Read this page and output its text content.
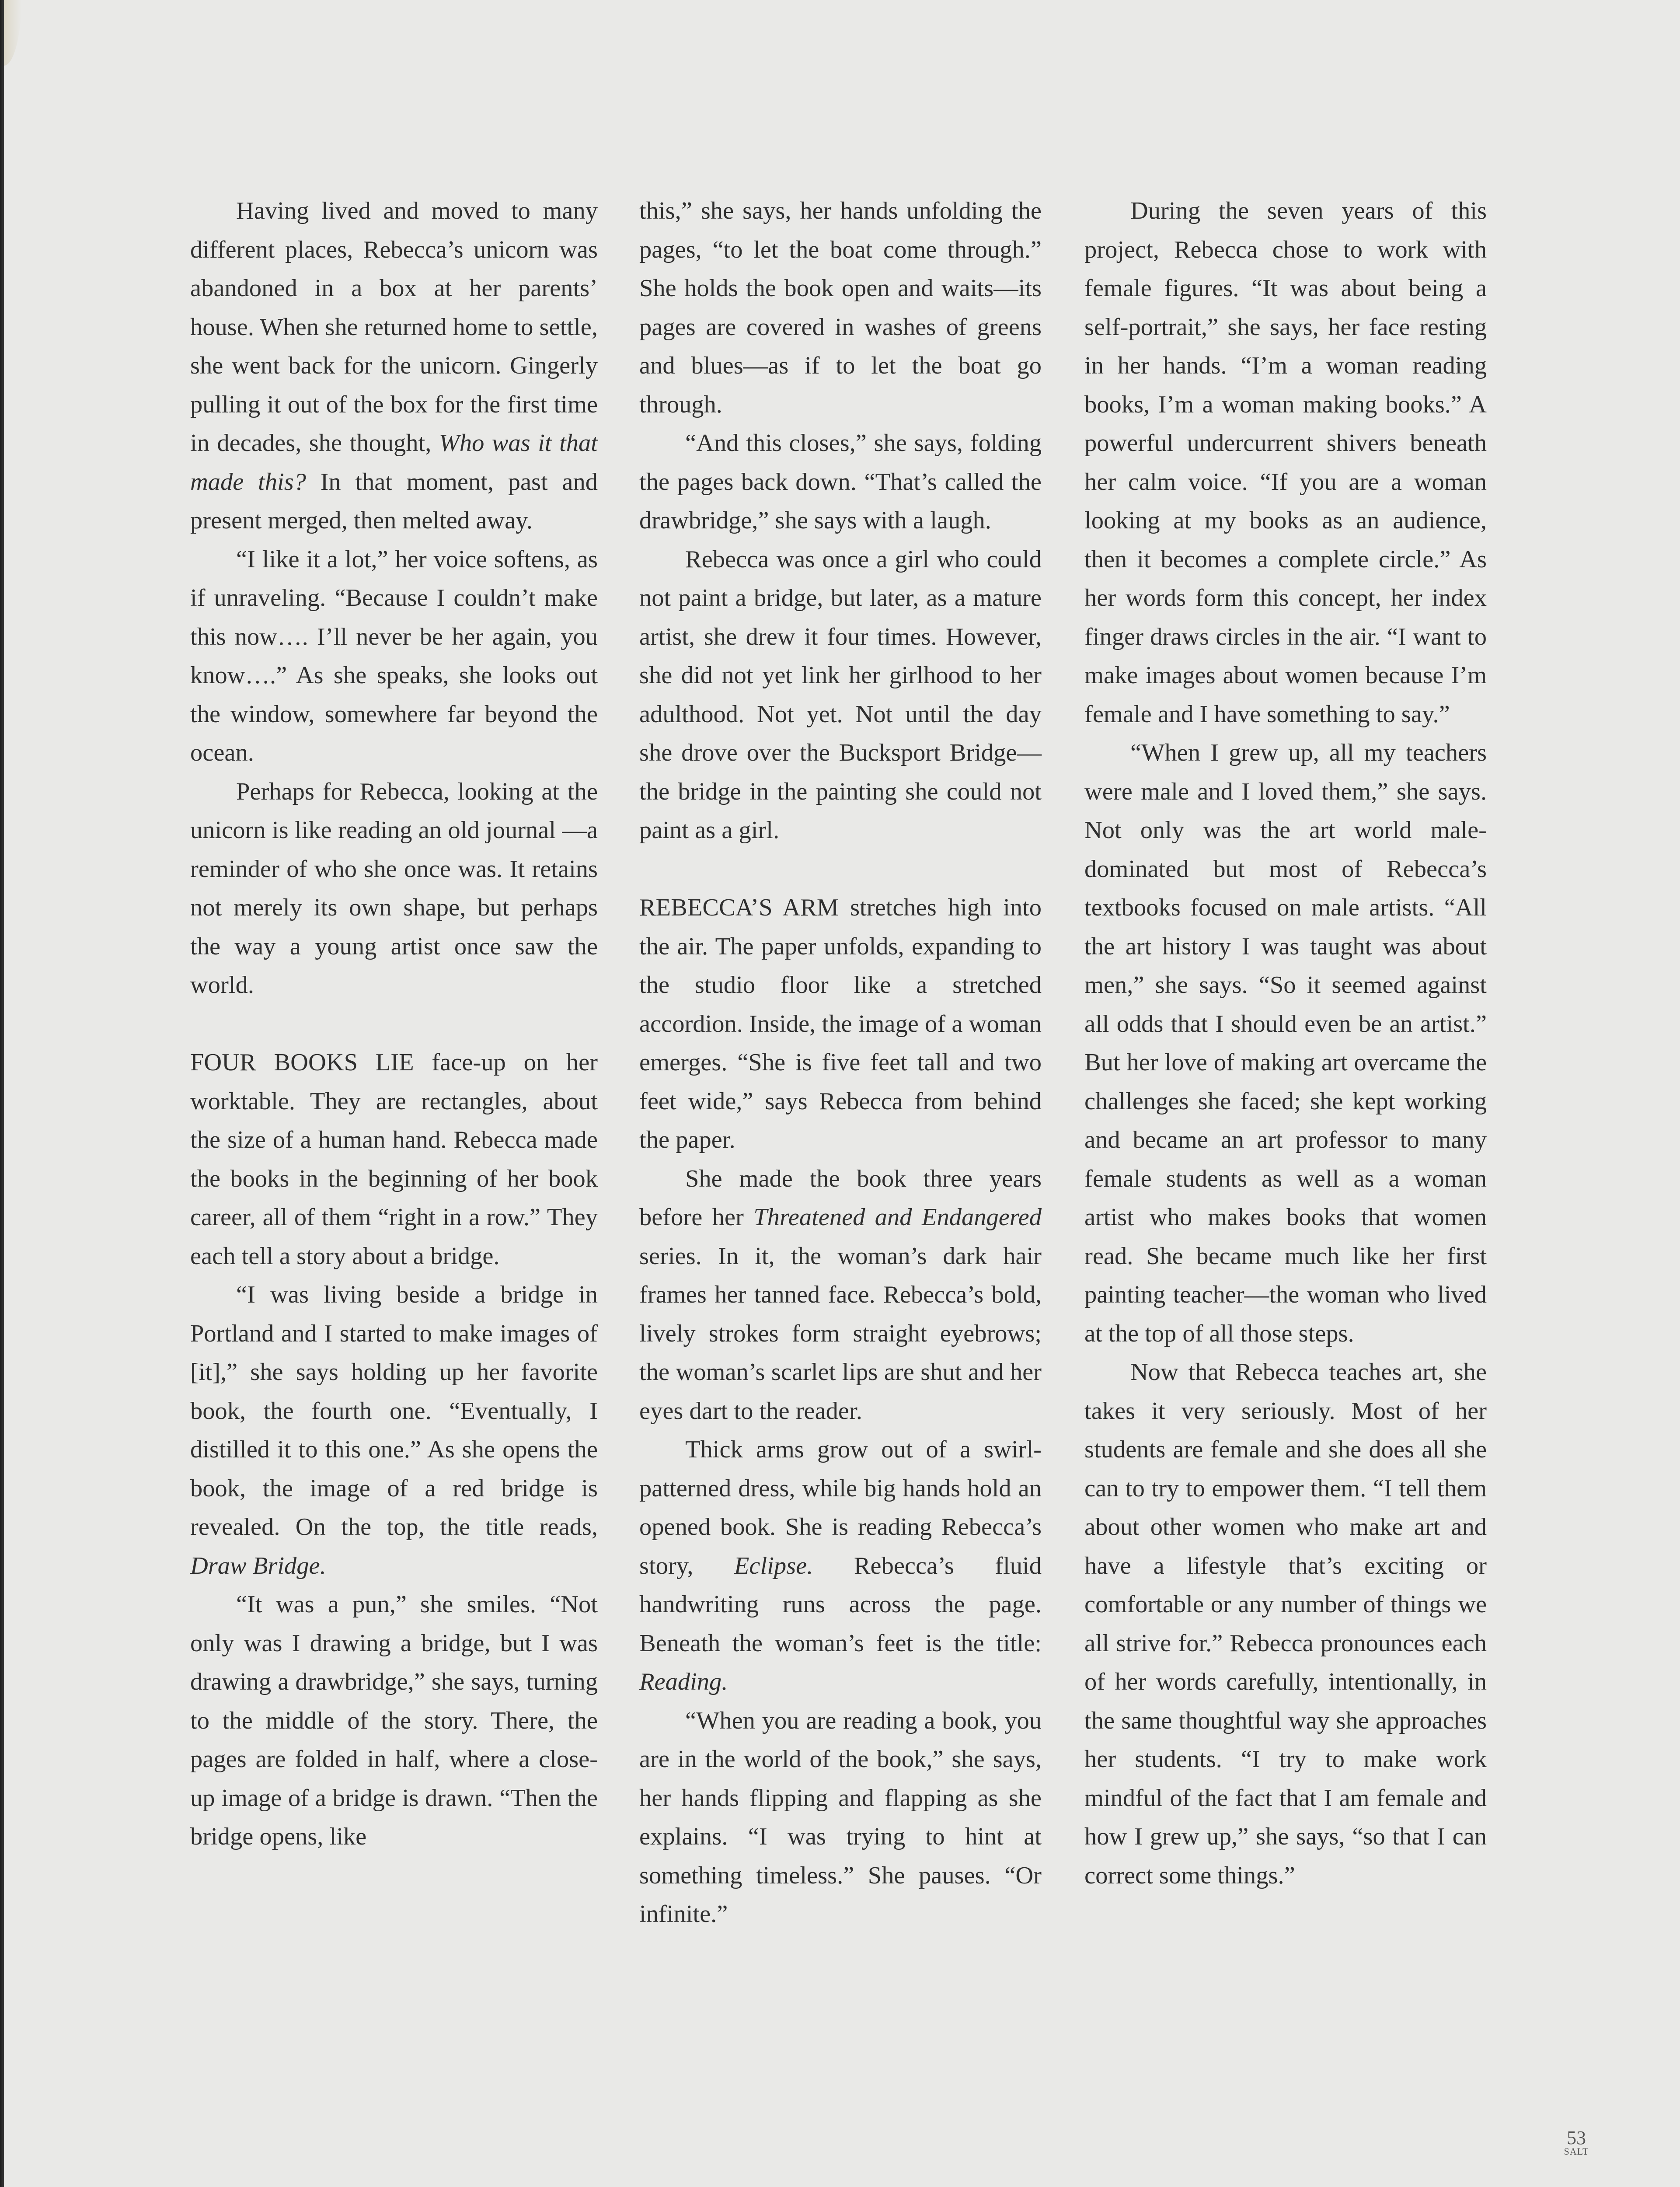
Having lived and moved to many different places, Rebecca’s unicorn was abandoned in a box at her parents’ house. When she returned home to settle, she went back for the unicorn. Gingerly pulling it out of the box for the first time in decades, she thought, Who was it that made this? In that moment, past and present merged, then melted away.

“I like it a lot,” her voice softens, as if unraveling. “Because I couldn’t make this now…. I’ll never be her again, you know….” As she speaks, she looks out the window, somewhere far beyond the ocean.

Perhaps for Rebecca, looking at the unicorn is like reading an old journal —a reminder of who she once was. It retains not merely its own shape, but perhaps the way a young artist once saw the world.

FOUR BOOKS LIE face-up on her worktable. They are rectangles, about the size of a human hand. Rebecca made the books in the beginning of her book career, all of them “right in a row.” They each tell a story about a bridge.

“I was living beside a bridge in Portland and I started to make images of [it],” she says holding up her favorite book, the fourth one. “Eventually, I distilled it to this one.” As she opens the book, the image of a red bridge is revealed. On the top, the title reads, Draw Bridge.

“It was a pun,” she smiles. “Not only was I drawing a bridge, but I was drawing a drawbridge,” she says, turning to the middle of the story. There, the pages are folded in half, where a close-up image of a bridge is drawn. “Then the bridge opens, like

this,” she says, her hands unfolding the pages, “to let the boat come through.” She holds the book open and waits—its pages are covered in washes of greens and blues—as if to let the boat go through.

“And this closes,” she says, folding the pages back down. “That’s called the drawbridge,” she says with a laugh.

Rebecca was once a girl who could not paint a bridge, but later, as a mature artist, she drew it four times. However, she did not yet link her girlhood to her adulthood. Not yet. Not until the day she drove over the Bucksport Bridge—the bridge in the painting she could not paint as a girl.

REBECCA’S ARM stretches high into the air. The paper unfolds, expanding to the studio floor like a stretched accordion. Inside, the image of a woman emerges. “She is five feet tall and two feet wide,” says Rebecca from behind the paper.

She made the book three years before her Threatened and Endangered series. In it, the woman’s dark hair frames her tanned face. Rebecca’s bold, lively strokes form straight eyebrows; the woman’s scarlet lips are shut and her eyes dart to the reader.

Thick arms grow out of a swirlpatterned dress, while big hands hold an opened book. She is reading Rebecca’s story, Eclipse. Rebecca’s fluid handwriting runs across the page. Beneath the woman’s feet is the title: Reading.

“When you are reading a book, you are in the world of the book,” she says, her hands flipping and flapping as she explains. “I was trying to hint at something timeless.” She pauses. “Or infinite.”

During the seven years of this project, Rebecca chose to work with female figures. “It was about being a self-portrait,” she says, her face resting in her hands. “I’m a woman reading books, I’m a woman making books.” A powerful undercurrent shivers beneath her calm voice. “If you are a woman looking at my books as an audience, then it becomes a complete circle.” As her words form this concept, her index finger draws circles in the air. “I want to make images about women because I’m female and I have something to say.”

“When I grew up, all my teachers were male and I loved them,” she says. Not only was the art world maledominated but most of Rebecca’s textbooks focused on male artists. “All the art history I was taught was about men,” she says. “So it seemed against all odds that I should even be an artist.” But her love of making art overcame the challenges she faced; she kept working and became an art professor to many female students as well as a woman artist who makes books that women read. She became much like her first painting teacher—the woman who lived at the top of all those steps.

Now that Rebecca teaches art, she takes it very seriously. Most of her students are female and she does all she can to try to empower them. “I tell them about other women who make art and have a lifestyle that’s exciting or comfortable or any number of things we all strive for.” Rebecca pronounces each of her words carefully, intentionally, in the same thoughtful way she approaches her students. “I try to make work mindful of the fact that I am female and how I grew up,” she says, “so that I can correct some things.”

53
SALT
